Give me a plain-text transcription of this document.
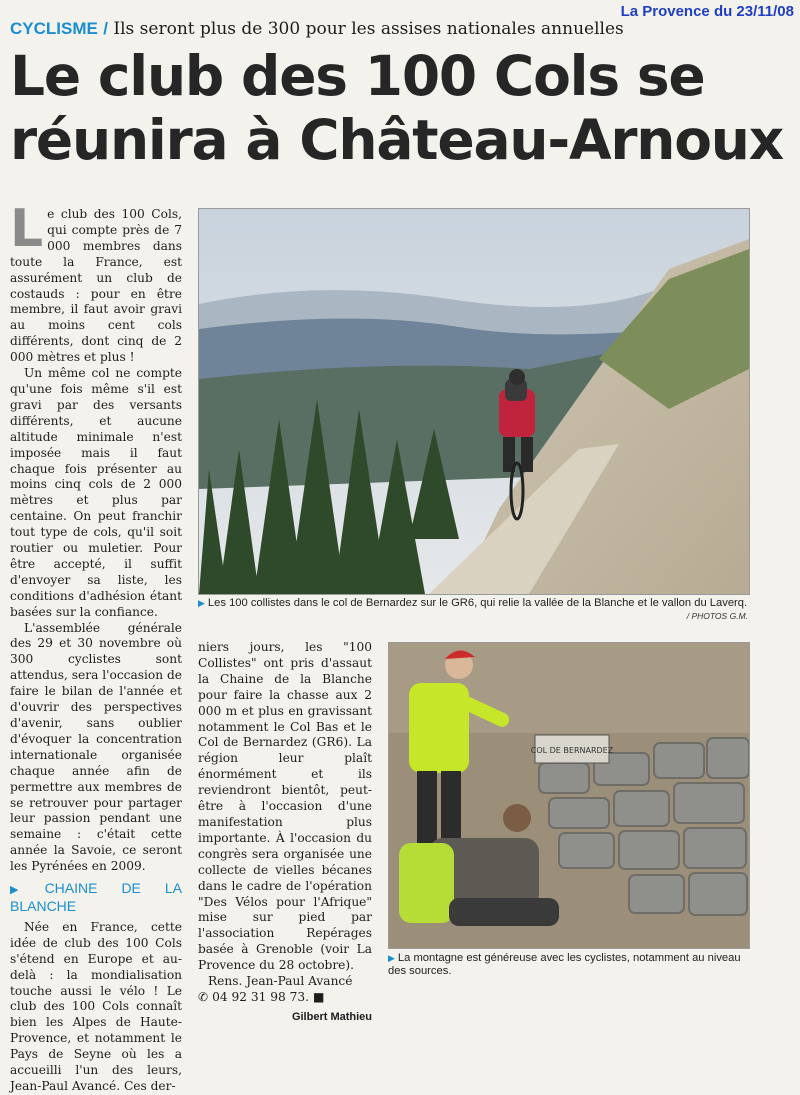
La Provence du 23/11/08
CYCLISME / Ils seront plus de 300 pour les assises nationales annuelles
Le club des 100 Cols se réunira à Château-Arnoux

Le club des 100 Cols, qui compte près de 7 000 membres dans toute la France, est assurément un club de costauds : pour en être membre, il faut avoir gravi au moins cent cols différents, dont cinq de 2 000 mètres et plus !

Un même col ne compte qu'une fois même s'il est gravi par des versants différents, et aucune altitude minimale n'est imposée mais il faut chaque fois présenter au moins cinq cols de 2 000 mètres et plus par centaine. On peut franchir tout type de cols, qu'il soit routier ou muletier. Pour être accepté, il suffit d'envoyer sa liste, les conditions d'adhésion étant basées sur la confiance.

L'assemblée générale des 29 et 30 novembre où 300 cyclistes sont attendus, sera l'occasion de faire le bilan de l'année et d'ouvrir des perspectives d'avenir, sans oublier d'évoquer la concentration internationale organisée chaque année afin de permettre aux membres de se retrouver pour partager leur passion pendant une semaine : c'était cette année la Savoie, ce seront les Pyrénées en 2009.

▶ CHAINE DE LA BLANCHE

Née en France, cette idée de club des 100 Cols s'étend en Europe et au-delà : la mondialisation touche aussi le vélo ! Le club des 100 Cols connaît bien les Alpes de Haute-Provence, et notamment le Pays de Seyne où les a accueilli l'un des leurs, Jean-Paul Avancé. Ces der-

▶ Les 100 collistes dans le col de Bernardez sur le GR6, qui relie la vallée de la Blanche et le vallon du Laverq.
/ PHOTOS G.M.

niers jours, les "100 Collistes" ont pris d'assaut la Chaine de la Blanche pour faire la chasse aux 2 000 m et plus en gravissant notamment le Col Bas et le Col de Bernardez (GR6). La région leur plaît énormément et ils reviendront bientôt, peut-être à l'occasion d'une manifestation plus importante. À l'occasion du congrès sera organisée une collecte de vielles bécanes dans le cadre de l'opération "Des Vélos pour l'Afrique" mise sur pied par l'association Repérages basée à Grenoble (voir La Provence du 28 octobre).

Rens. Jean-Paul Avancé

✆ 04 92 31 98 73. ■

Gilbert Mathieu
COL DE BERNARDEZ
▶ La montagne est généreuse avec les cyclistes, notamment au niveau des sources.
